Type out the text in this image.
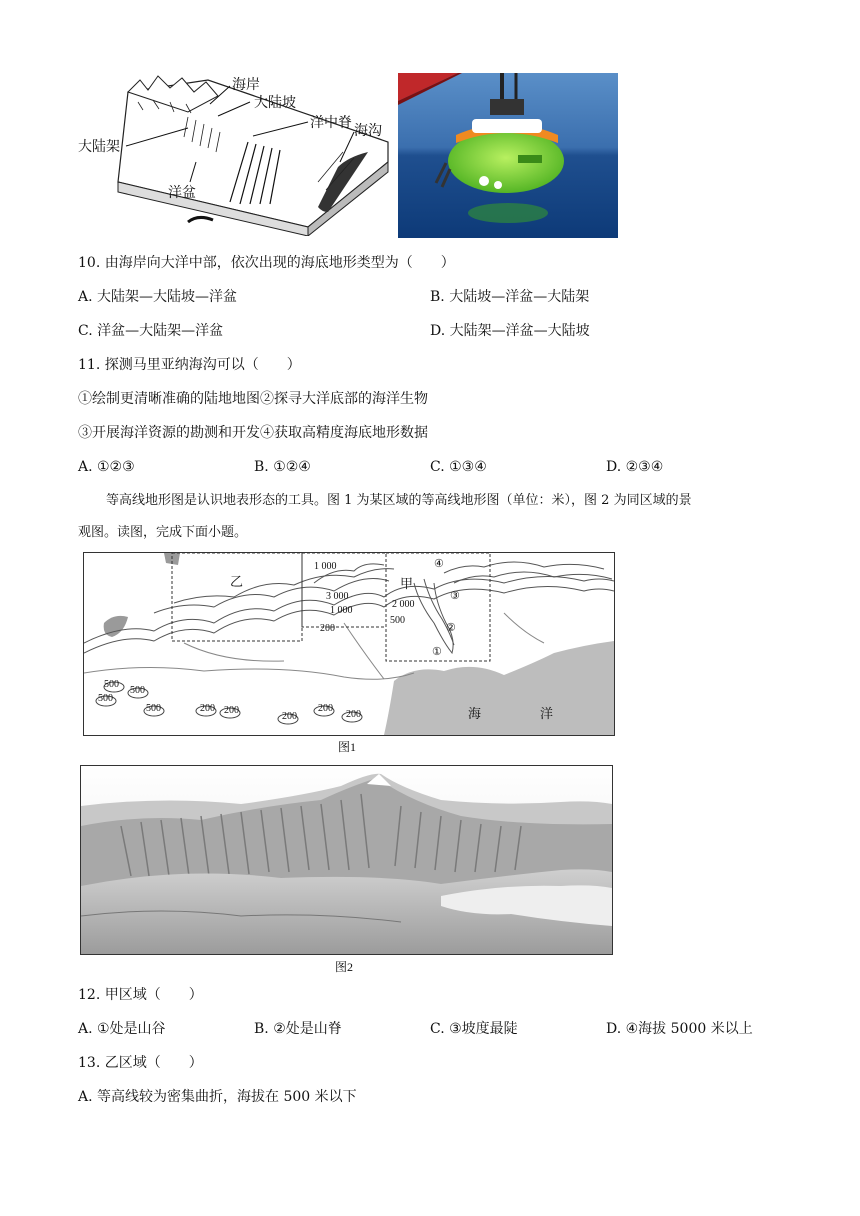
海岸
大陆坡
洋中脊
海沟
大陆架
洋盆
10. 由海岸向大洋中部，依次出现的海底地形类型为（　　）
A. 大陆架—大陆坡—洋盆	B. 大陆坡—洋盆—大陆架
C. 洋盆—大陆架—洋盆	D. 大陆架—洋盆—大陆坡
11. 探测马里亚纳海沟可以（　　）
①绘制更清晰准确的陆地地图②探寻大洋底部的海洋生物
③开展海洋资源的勘测和开发④获取高精度海底地形数据
A. ①②③	B. ①②④	C. ①③④	D. ②③④
等高线地形图是认识地表形态的工具。图 1 为某区域的等高线地形图（单位：米），图 2 为同区域的景
观图。读图，完成下面小题。
乙	甲
海	洋
1 000
3 000
1 000
200
2 000
500
500
500
500
500
200 200
200
200
200
①
②
③
④
图1
图2
12. 甲区域（　　）
A. ①处是山谷	B. ②处是山脊	C. ③坡度最陡	D. ④海拔 5000 米以上
13. 乙区域（　　）
A. 等高线较为密集曲折，海拔在 500 米以下
